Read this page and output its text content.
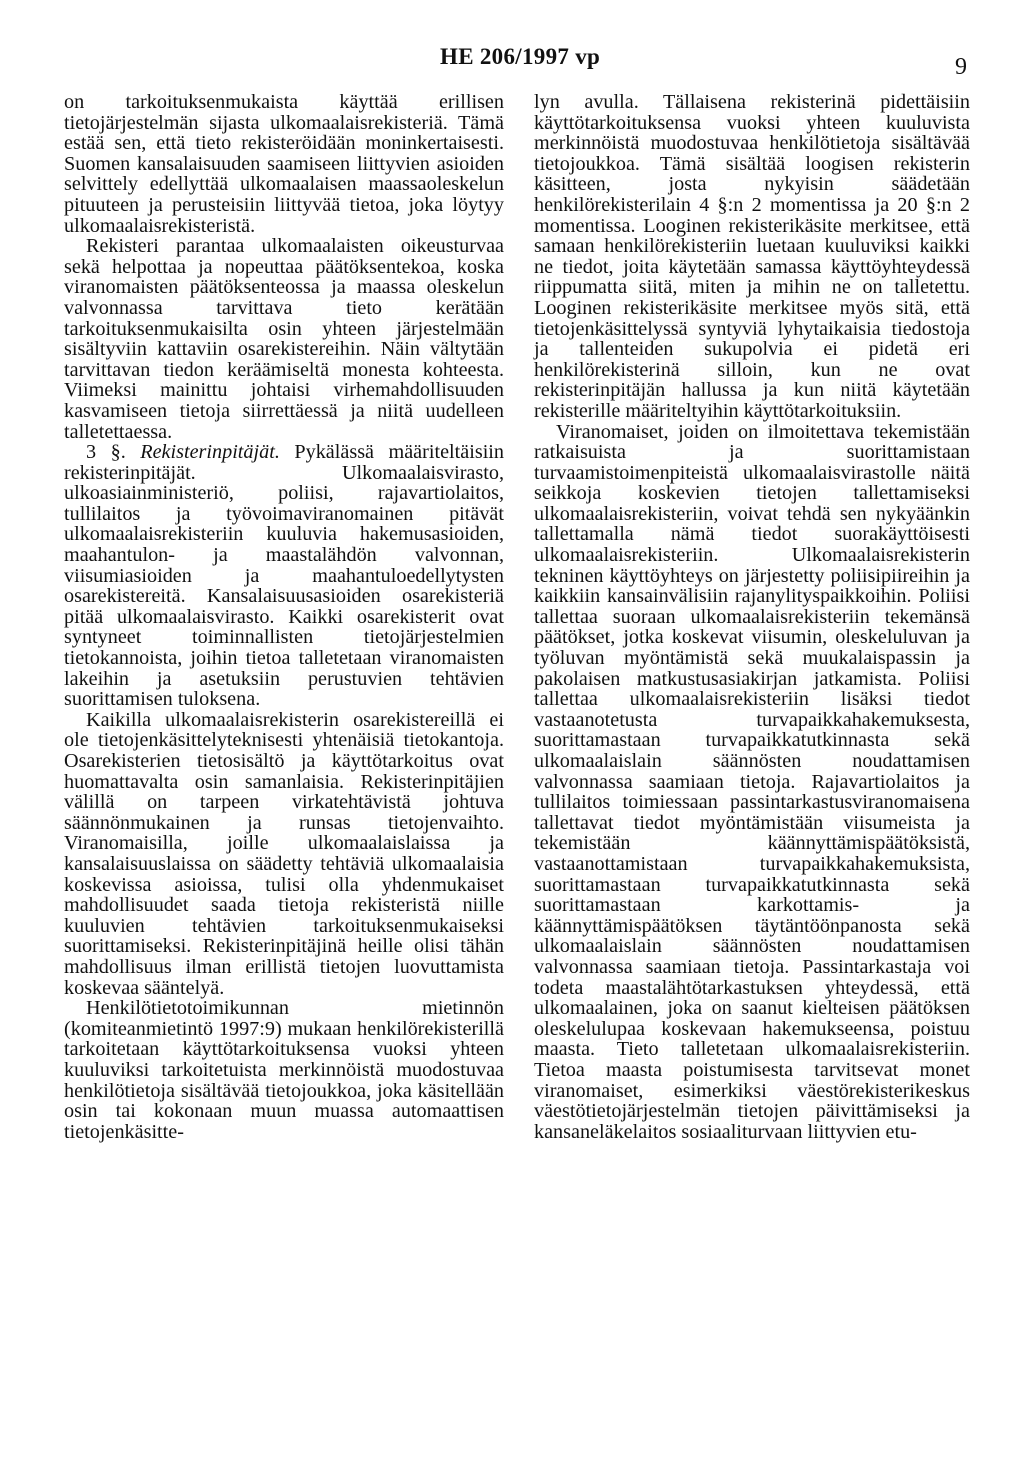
HE 206/1997 vp	9

on tarkoituksenmukaista käyttää erillisen tietojärjestelmän sijasta ulkomaalaisrekisteriä. Tämä estää sen, että tieto rekisteröidään moninkertaisesti. Suomen kansalaisuuden saamiseen liittyvien asioiden selvittely edellyttää ulkomaalaisen maassaoleskelun pituuteen ja perusteisiin liittyvää tietoa, joka löytyy ulkomaalaisrekisteristä.

Rekisteri parantaa ulkomaalaisten oikeusturvaa sekä helpottaa ja nopeuttaa päätöksentekoa, koska viranomaisten päätöksenteossa ja maassa oleskelun valvonnassa tarvittava tieto kerätään tarkoituksenmukaisilta osin yhteen järjestelmään sisältyviin kattaviin osarekistereihin. Näin vältytään tarvittavan tiedon keräämiseltä monesta kohteesta. Viimeksi mainittu johtaisi virhemahdollisuuden kasvamiseen tietoja siirrettäessä ja niitä uudelleen talletettaessa.

3 §. Rekisterinpitäjät. Pykälässä määriteltäisiin rekisterinpitäjät. Ulkomaalaisvirasto, ulkoasiainministeriö, poliisi, rajavartiolaitos, tullilaitos ja työvoimaviranomainen pitävät ulkomaalaisrekisteriin kuuluvia hakemusasioiden, maahantulon- ja maastalähdön valvonnan, viisumiasioiden ja maahantuloedellytysten osarekistereitä. Kansalaisuusasioiden osarekisteriä pitää ulkomaalaisvirasto. Kaikki osarekisterit ovat syntyneet toiminnallisten tietojärjestelmien tietokannoista, joihin tietoa talletetaan viranomaisten lakeihin ja asetuksiin perustuvien tehtävien suorittamisen tuloksena.

Kaikilla ulkomaalaisrekisterin osarekistereillä ei ole tietojenkäsittelyteknisesti yhtenäisiä tietokantoja. Osarekisterien tietosisältö ja käyttötarkoitus ovat huomattavalta osin samanlaisia. Rekisterinpitäjien välillä on tarpeen virkatehtävistä johtuva säännönmukainen ja runsas tietojenvaihto. Viranomaisilla, joille ulkomaalaislaissa ja kansalaisuuslaissa on säädetty tehtäviä ulkomaalaisia koskevissa asioissa, tulisi olla yhdenmukaiset mahdollisuudet saada tietoja rekisteristä niille kuuluvien tehtävien tarkoituksenmukaiseksi suorittamiseksi. Rekisterinpitäjinä heille olisi tähän mahdollisuus ilman erillistä tietojen luovuttamista koskevaa sääntelyä.

Henkilötietotoimikunnan mietinnön (komiteanmietintö 1997:9) mukaan henkilörekisterillä tarkoitetaan käyttötarkoituksensa vuoksi yhteen kuuluviksi tarkoitetuista merkinnöistä muodostuvaa henkilötietoja sisältävää tietojoukkoa, joka käsitellään osin tai kokonaan muun muassa automaattisen tietojenkäsitte-

lyn avulla. Tällaisena rekisterinä pidettäisiin käyttötarkoituksensa vuoksi yhteen kuuluvista merkinnöistä muodostuvaa henkilötietoja sisältävää tietojoukkoa. Tämä sisältää loogisen rekisterin käsitteen, josta nykyisin säädetään henkilörekisterilain 4 §:n 2 momentissa ja 20 §:n 2 momentissa. Looginen rekisterikäsite merkitsee, että samaan henkilörekisteriin luetaan kuuluviksi kaikki ne tiedot, joita käytetään samassa käyttöyhteydessä riippumatta siitä, miten ja mihin ne on talletettu. Looginen rekisterikäsite merkitsee myös sitä, että tietojenkäsittelyssä syntyviä lyhytaikaisia tiedostoja ja tallenteiden sukupolvia ei pidetä eri henkilörekisterinä silloin, kun ne ovat rekisterinpitäjän hallussa ja kun niitä käytetään rekisterille määriteltyihin käyttötarkoituksiin.

Viranomaiset, joiden on ilmoitettava tekemistään ratkaisuista ja suorittamistaan turvaamistoimenpiteistä ulkomaalaisvirastolle näitä seikkoja koskevien tietojen tallettamiseksi ulkomaalaisrekisteriin, voivat tehdä sen nykyäänkin tallettamalla nämä tiedot suorakäyttöisesti ulkomaalaisrekisteriin. Ulkomaalaisrekisterin tekninen käyttöyhteys on järjestetty poliisipiireihin ja kaikkiin kansainvälisiin rajanylityspaikkoihin. Poliisi tallettaa suoraan ulkomaalaisrekisteriin tekemänsä päätökset, jotka koskevat viisumin, oleskeluluvan ja työluvan myöntämistä sekä muukalaispassin ja pakolaisen matkustusasiakirjan jatkamista. Poliisi tallettaa ulkomaalaisrekisteriin lisäksi tiedot vastaanotetusta turvapaikkahakemuksesta, suorittamastaan turvapaikkatutkinnasta sekä ulkomaalaislain säännösten noudattamisen valvonnassa saamiaan tietoja. Rajavartiolaitos ja tullilaitos toimiessaan passintarkastusviranomaisena tallettavat tiedot myöntämistään viisumeista ja tekemistään käännyttämispäätöksistä, vastaanottamistaan turvapaikkahakemuksista, suorittamastaan turvapaikkatutkinnasta sekä suorittamastaan karkottamis- ja käännyttämispäätöksen täytäntöönpanosta sekä ulkomaalaislain säännösten noudattamisen valvonnassa saamiaan tietoja. Passintarkastaja voi todeta maastalähtötarkastuksen yhteydessä, että ulkomaalainen, joka on saanut kielteisen päätöksen oleskelulupaa koskevaan hakemukseensa, poistuu maasta. Tieto talletetaan ulkomaalaisrekisteriin. Tietoa maasta poistumisesta tarvitsevat monet viranomaiset, esimerkiksi väestörekisterikeskus väestötietojärjestelmän tietojen päivittämiseksi ja kansaneläkelaitos sosiaaliturvaan liittyvien etu-
